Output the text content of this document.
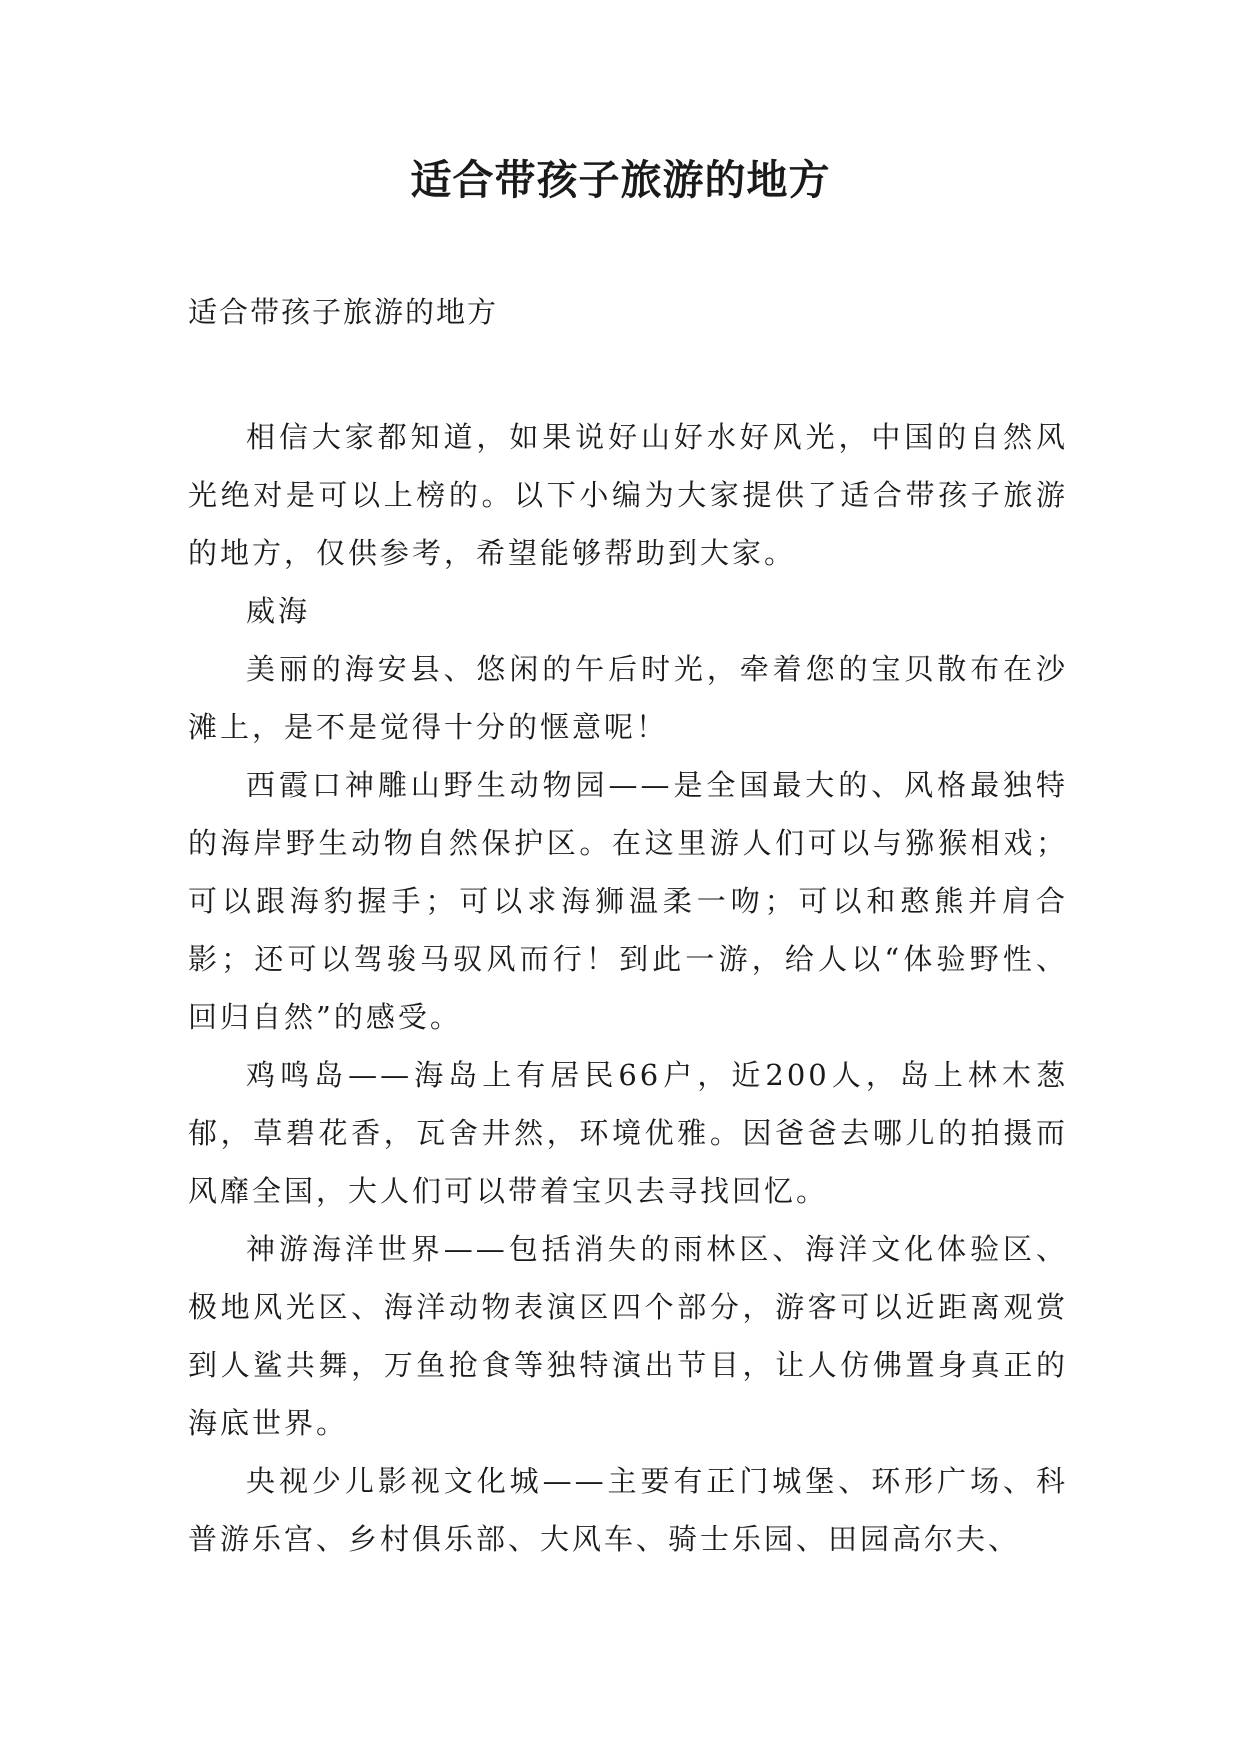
适合带孩子旅游的地方
适合带孩子旅游的地方

相信大家都知道，如果说好山好水好风光，中国的自然风光绝对是可以上榜的。以下小编为大家提供了适合带孩子旅游的地方，仅供参考，希望能够帮助到大家。

威海

美丽的海安县、悠闲的午后时光，牵着您的宝贝散布在沙滩上，是不是觉得十分的惬意呢！

西霞口神雕山野生动物园——是全国最大的、风格最独特的海岸野生动物自然保护区。在这里游人们可以与猕猴相戏；可以跟海豹握手；可以求海狮温柔一吻；可以和憨熊并肩合影；还可以驾骏马驭风而行！到此一游，给人以“体验野性、回归自然”的感受。

鸡鸣岛——海岛上有居民66户，近200人，岛上林木葱郁，草碧花香，瓦舍井然，环境优雅。因爸爸去哪儿的拍摄而风靡全国，大人们可以带着宝贝去寻找回忆。

神游海洋世界——包括消失的雨林区、海洋文化体验区、极地风光区、海洋动物表演区四个部分，游客可以近距离观赏到人鲨共舞，万鱼抢食等独特演出节目，让人仿佛置身真正的海底世界。

央视少儿影视文化城——主要有正门城堡、环形广场、科普游乐宫、乡村俱乐部、大风车、骑士乐园、田园高尔夫、
